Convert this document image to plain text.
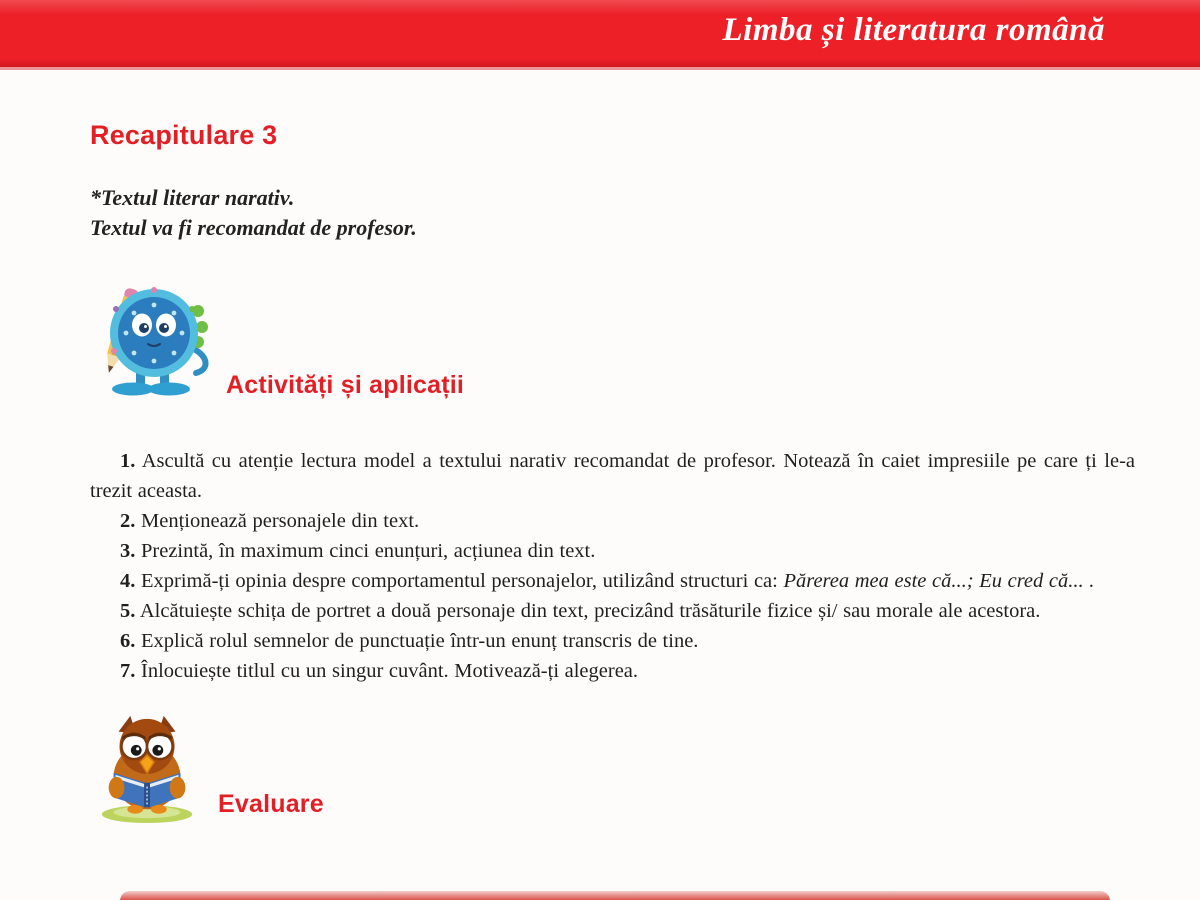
Limba și literatura română
Recapitulare 3
*Textul literar narativ.
Textul va fi recomandat de profesor.
Activități și aplicații

1. Ascultă cu atenție lectura model a textului narativ recomandat de profesor. Notează în caiet impresiile pe care ți le-a trezit aceasta.

2. Menționează personajele din text.

3. Prezintă, în maximum cinci enunțuri, acțiunea din text.

4. Exprimă-ți opinia despre comportamentul personajelor, utilizând structuri ca: Părerea mea este că...; Eu cred că... .

5. Alcătuiește schița de portret a două personaje din text, precizând trăsăturile fizice și/ sau morale ale acestora.

6. Explică rolul semnelor de punctuație într-un enunț transcris de tine.

7. Înlocuiește titlul cu un singur cuvânt. Motivează-ți alegerea.

Evaluare
